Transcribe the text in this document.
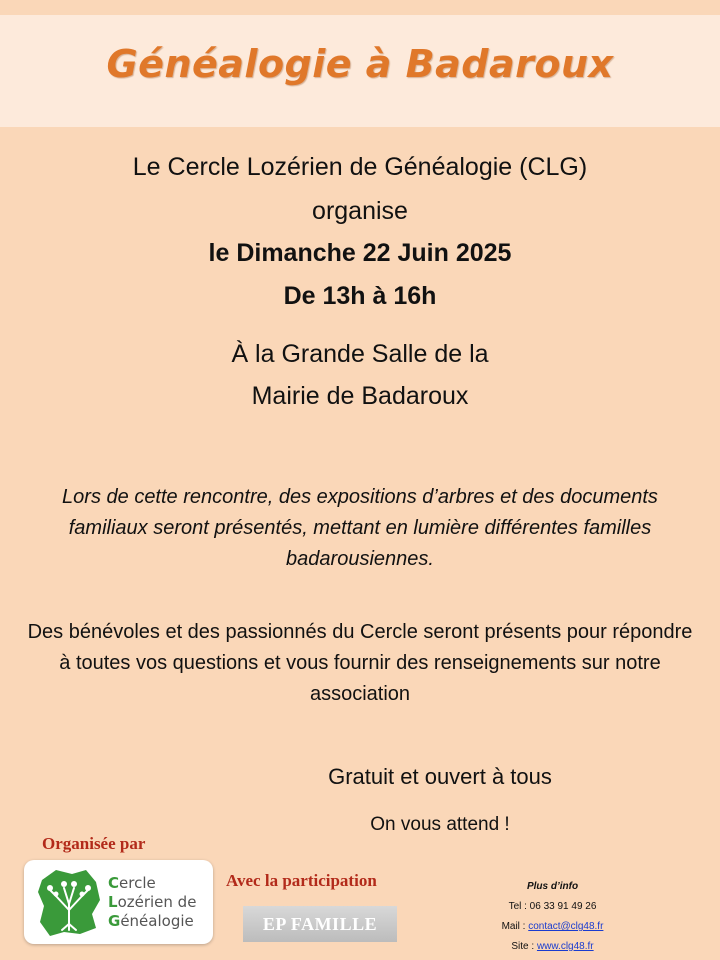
Généalogie à Badaroux
Le Cercle Lozérien de Généalogie (CLG)
organise
le Dimanche 22 Juin 2025
De 13h à 16h
À la Grande Salle de la
Mairie de Badaroux
Lors de cette rencontre, des expositions d’arbres et des documents familiaux seront présentés, mettant en lumière différentes familles badarousiennes.
Des bénévoles et des passionnés du Cercle seront présents pour répondre à toutes vos questions et vous fournir des renseignements sur notre association
Gratuit et ouvert à tous
On vous attend !
Organisée par
Cercle
Lozérien de
Généalogie
Avec la participation
EP FAMILLE
Plus d’info
Tel : 06 33 91 49 26
Mail : contact@clg48.fr
Site : www.clg48.fr
